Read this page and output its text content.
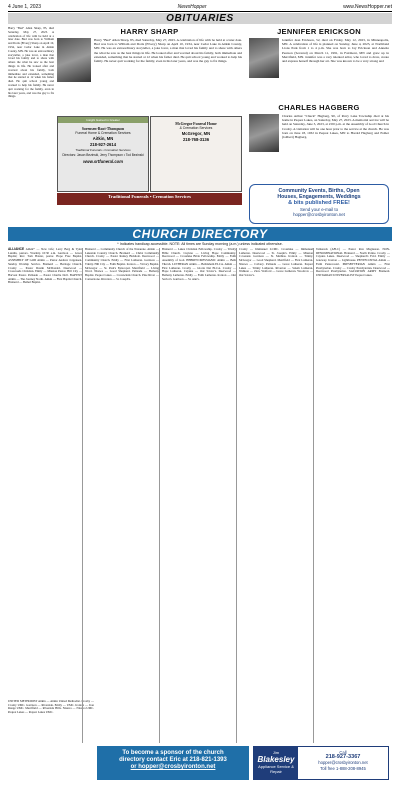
4 June 1, 2023	NewsHopper	www.NewsHopper.net
OBITUARIES
HARRY SHARP
Harry "Bud" Allen Sharp, 85, died Saturday, May 27, 2023. A celebration of life with be held at a later date. Bud was born to William and Doris (Elvery) Sharp on April 10, 1934, near Cedar Lake in Aitkin County, MN. He was an extraordinary storyteller, a joke lover, a man that loved his family and to share with others the what he saw as the best things in life. He looked after and worried about his family, both immediate and extended, something that he started at 12 when his father died. He quit school young and worked to help his family. He never quit working for the family, even in his later years, and was the guy to fix things.
JENNIFER ERICKSON
Jennifer Jean Erickson, 52, died on Friday, May 12, 2023, in Minneapolis, MN. A celebration of life is planned on Sunday, June 4, 2023, at Northland Lions Park from 1 to 4 p.m. She was born to Jay Erickson and Annette Pearson (Severud) on March 11, 1991, in Fairmont, MN and grew up in Merrifield, MN. Jennifer was a very talented artist, who loved to draw, create and express herself through her art. She was known to be a very strong and
CHARLES HAGBERG
Charles Arthur "Chuck" Hagberg, 90, of Perry Lake Township died at his home in Pequot Lakes, on Saturday, May 27, 2023. A memorial service will be held on Saturday, June 3, 2023, at 2:00 p.m. at the Assembly of God Church in Crosby. A visitation will be one hour prior to the service at the church. He was born on June 18, 1932 in Pequot Lakes, MN to Harold Hagberg and Esther (Gilbert) Hagberg.
Harry "Bud" Allen Sharp, 85, died Saturday, May 27, 2023. A celebration of life with be held at a later date. Bud was born to William and Doris (Elvery) Sharp on April 10, 1934, near Cedar Lake in Aitkin County, MN. He was an extraordinary storyteller, a joke lover, a man that loved his family and to share with others the what he saw as the best things in life. He looked after and worried about his family, both immediate and extended, something that he started at 12 when his father died. He quit school young and worked to help his family. He never quit working for the family, even in his later years, and was the guy to fix things.
Insight Gained in Greater
Sorensen-Root-Thompson
Funeral Home & Cremation Services
Aitkin, MN
218-927-2614
Traditional Funerals • Cremation Services
Directors: Jason Bezinski, Jerry Thompson • Tod Bezinski
www.srtfuneral.com
McGregor Funeral Home
& Cremation Services
McGregor, MN
218-768-3136
Traditional Funerals • Cremation Services
Community Events, Births, Open
Houses, Engagements, Weddings
& bits published FREE!
Send your e-mail to
hopper@crosbyironton.net
CHURCH DIRECTORY
* Indicates handicap accessible. NOTE: All times are Sunday morning (a.m.) unless indicated otherwise.
ALLIANCE Aitkin* — New Life; Larry Berg & Tyler Lundin, pastors. Worship 10:30 a.m. Garrison — Grace Baptist; Rev. Tom Baxter, pastor. Hope Free Baptist. ASSEMBLY OF GOD Aitkin — Pastor Andrew Jorgensen. Sunday Worship Service. Brainerd — Heritage Church. Crosby — Pastor Dustin McDonald. Deerwood — Crossroads Christian. Emily — Mission Pastor. Hill City — Harvest Pastor. Palisade — Pastor Charlie Doll. BAPTIST Aitkin — The Journey North. Aitkin — First Baptist Church. Brainerd — Bethel Baptist.
Brainerd — Community Church of the Nazarene. Aitkin — Lakeside Country Church. Brainerd — Christ Community Church. Crosby — Pastor Rainey Birkholz. Deerwood — Community Church. Emily — First Lutheran. Garrison — Trinity. Hill City — Faith Baptist. Ironton — Victory Baptist. McGregor — St. Paul's Episcopal. Merrifield — Living Word. Nisswa — Good Shepherd. Palisade — Bethany Baptist. Pequot Lakes — Crosswinds Church. Pine River — Cornerstone. Riverton — St. Joseph's.
Brainerd — Lakes Christian Fellowship. Crosby — Trinity Bible Church. Cuyuna — Living Hope Community. Deerwood — Crosslake Bible Fellowship. Emily — Faith Assembly of God. HEBREW/MESSIANIC Aitkin — Beth Tikvah. LUTHERAN Aitkin — Bethlehem ELCA. Aitkin — First Lutheran. Crosby — Gloria Dei ELCA. Crosby — Hope Lutheran. Cuyuna — Our Savior's. Deerwood — Bethany Lutheran. Emily — Faith Lutheran. Ironton — Our Savior's. Garrison — St. Ann's.
Crosby — Immanuel LCMC. Crosslake — Immanuel Lutheran. Deerwood — St. Joseph's. Emily — Mission Covenant. Garrison — St. Mathias. Ironton — Trinity. McGregor — Good Shepherd. Merrifield — First Lutheran. Nisswa — Calvary. Palisade — Grace Lutheran. Pequot Lakes — Trinity Lutheran. Riverton — Salem Lutheran. Wahkon — Zion. Wolford — Grace Lutheran. Woodrow — Our Savior's.
Tamarack (AFLC) — Pastor Ron Magnuson. NON-DENOMINATIONAL Brainerd — North Pointe. Crosby — Cuyuna Lakes. Deerwood — Shepherd's Fold. Emily — Gateway. Ironton — Lighthouse. PENTECOSTAL Aitkin — Faith Pentecostal. PRESBYTERIAN Aitkin — First Presbyterian. Crosby — Crosby Presbyterian. Deerwood — Deerwood Presbyterian. SALVATION ARMY Brainerd. UNITARIAN UNIVERSALIST Pequot Lakes.
UNITED METHODIST Aitkin — Aitkin United Methodist. Crosby — Crosby UMC. Garrison — Riverside. Emily — UMC. Ironton — Iron Range UMC. Merrifield — Riverside Hills. Nisswa — Nisswa UMC. Pequot Lakes — Pequot Lakes UMC.
To become a sponsor of the church
directory contact Eric at 218-821-1393
or hopper@crosbyironton.net
Jim
Blakesley
Appliance Service & Repair
Call
218-927-3367
hopper@crosbyironton.net
Toll free 1-888-208-8945
